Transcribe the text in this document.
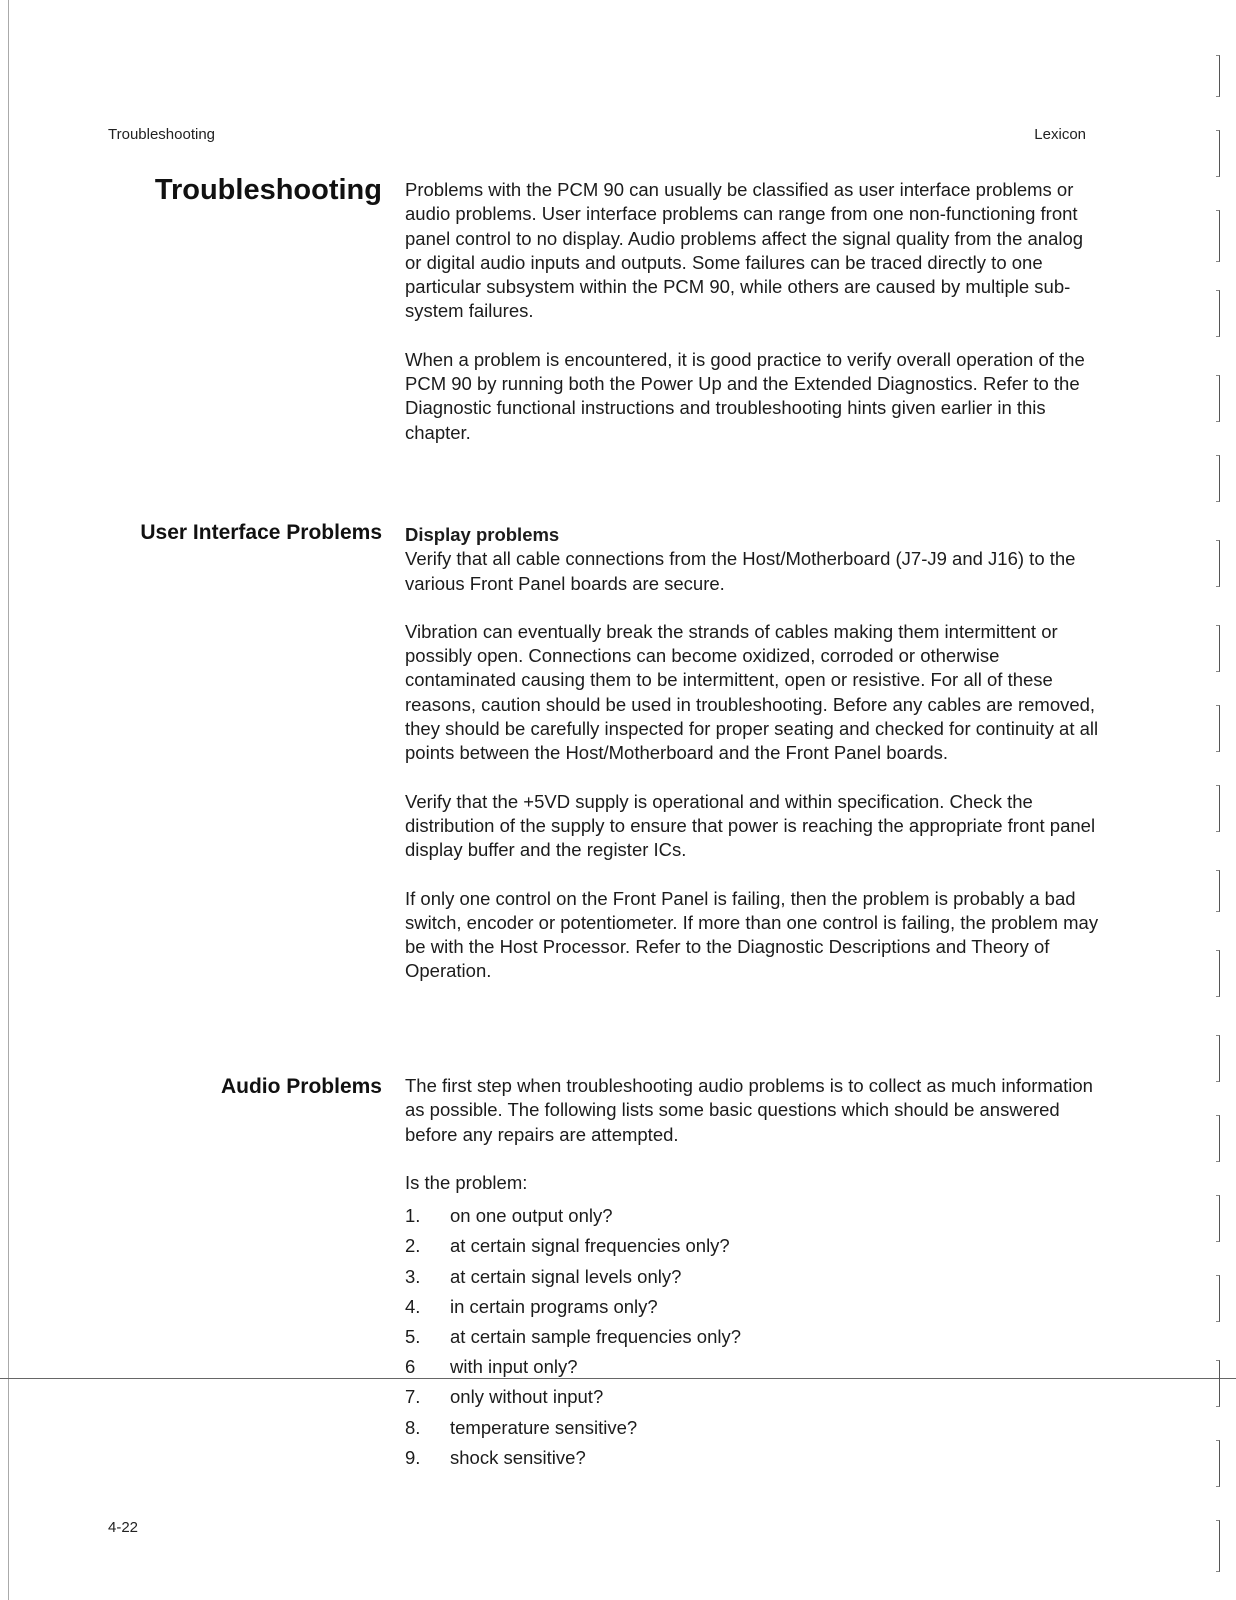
Troubleshooting	Lexicon
Troubleshooting Problems with the PCM 90 can usually be classified as user interface problems or audio problems. User interface problems can range from one non-functioning front panel control to no display. Audio problems affect the signal quality from the analog or digital audio inputs and outputs. Some failures can be traced directly to one particular subsystem within the PCM 90, while others are caused by multiple sub-system failures.

When a problem is encountered, it is good practice to verify overall operation of the PCM 90 by running both the Power Up and the Extended Diagnostics. Refer to the Diagnostic functional instructions and troubleshooting hints given earlier in this chapter.

User Interface Problems Display problems

Verify that all cable connections from the Host/Motherboard (J7-J9 and J16) to the various Front Panel boards are secure.

Vibration can eventually break the strands of cables making them intermittent or possibly open. Connections can become oxidized, corroded or otherwise contaminated causing them to be intermittent, open or resistive. For all of these reasons, caution should be used in troubleshooting. Before any cables are removed, they should be carefully inspected for proper seating and checked for continuity at all points between the Host/Motherboard and the Front Panel boards.

Verify that the +5VD supply is operational and within specification. Check the distribution of the supply to ensure that power is reaching the appropriate front panel display buffer and the register ICs.

If only one control on the Front Panel is failing, then the problem is probably a bad switch, encoder or potentiometer. If more than one control is failing, the problem may be with the Host Processor. Refer to the Diagnostic Descriptions and Theory of Operation.

Audio Problems The first step when troubleshooting audio problems is to collect as much information as possible. The following lists some basic questions which should be answered before any repairs are attempted.

Is the problem:
1.	on one output only?
2.	at certain signal frequencies only?
3.	at certain signal levels only?
4.	in certain programs only?
5.	at certain sample frequencies only?
6	with input only?
7.	only without input?
8.	temperature sensitive?
9.	shock sensitive?
4-22
